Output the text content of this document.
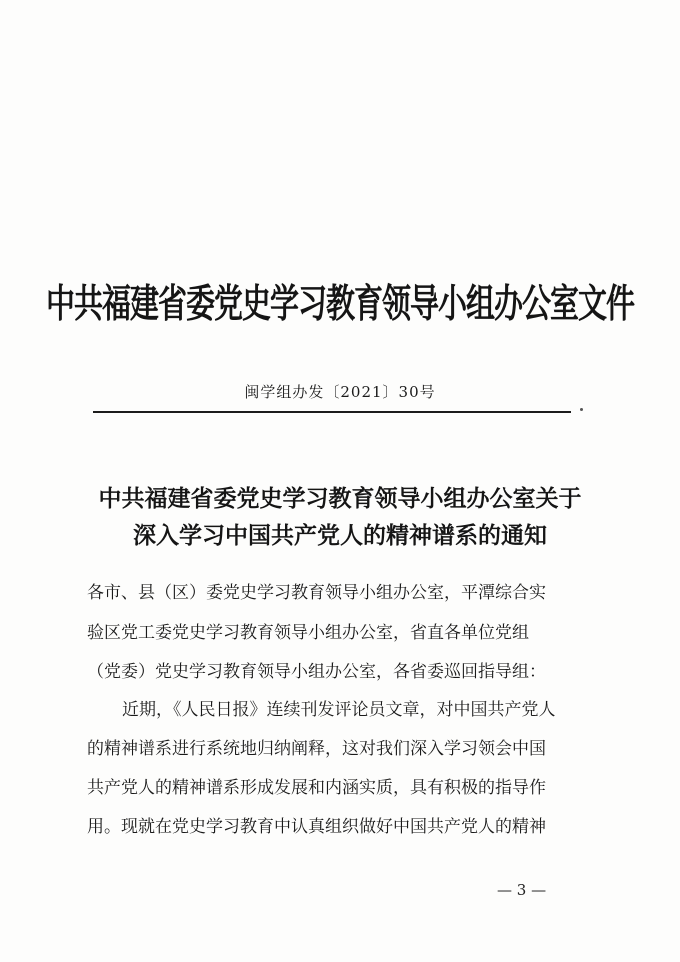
中共福建省委党史学习教育领导小组办公室文件
闽学组办发〔2021〕30号
中共福建省委党史学习教育领导小组办公室关于
深入学习中国共产党人的精神谱系的通知
各市、县（区）委党史学习教育领导小组办公室，平潭综合实
验区党工委党史学习教育领导小组办公室，省直各单位党组
（党委）党史学习教育领导小组办公室，各省委巡回指导组：
近期，《人民日报》连续刊发评论员文章，对中国共产党人
的精神谱系进行系统地归纳阐释，这对我们深入学习领会中国
共产党人的精神谱系形成发展和内涵实质，具有积极的指导作
用。现就在党史学习教育中认真组织做好中国共产党人的精神
— 3 —
